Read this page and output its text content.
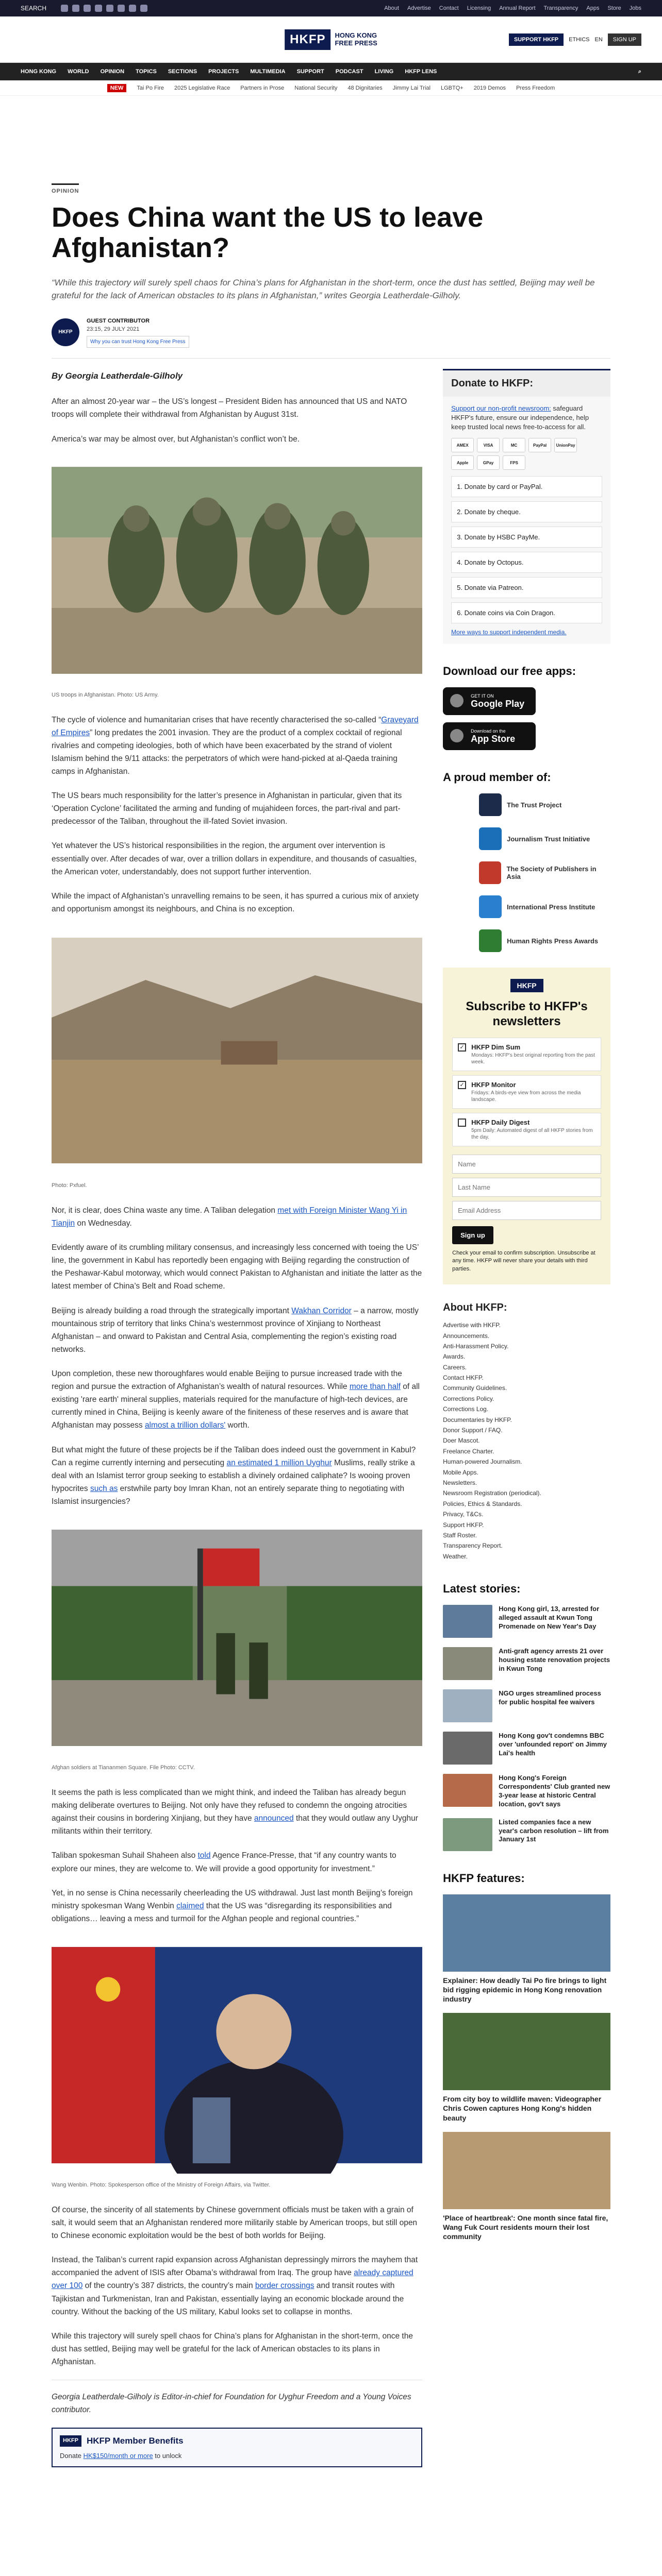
SEARCH	About Advertise Contact Licensing Annual Report Transparency Apps Store Jobs
HKFP	HONG KONG
FREE PRESS	SUPPORT HKFP	ETHICS EN	SIGN UP
HONG KONG WORLD OPINION TOPICS SECTIONS PROJECTS MULTIMEDIA SUPPORT PODCAST LIVING HKFP LENS	⌕
NEW	Tai Po Fire 2025 Legislative Race Partners in Prose National Security 48 Dignitaries Jimmy Lai Trial LGBTQ+ 2019 Demos Press Freedom
OPINION
Does China want the US to leave Afghanistan?
“While this trajectory will surely spell chaos for China’s plans for Afghanistan in the short-term, once the dust has settled, Beijing may well be grateful for the lack of American obstacles to its plans in Afghanistan,” writes Georgia Leatherdale-Gilholy.
HKFP
GUEST CONTRIBUTOR
23:15, 29 JULY 2021
Why you can trust Hong Kong Free Press
By Georgia Leatherdale-Gilholy

After an almost 20-year war – the US’s longest – President Biden has announced that US and NATO troops will complete their withdrawal from Afghanistan by August 31st.

America’s war may be almost over, but Afghanistan’s conflict won’t be.

US troops in Afghanistan. Photo: US Army.

The cycle of violence and humanitarian crises that have recently characterised the so-called “Graveyard of Empires” long predates the 2001 invasion. They are the product of a complex cocktail of regional rivalries and competing ideologies, both of which have been exacerbated by the strand of violent Islamism behind the 9/11 attacks: the perpetrators of which were hand-picked at al-Qaeda training camps in Afghanistan.

The US bears much responsibility for the latter’s presence in Afghanistan in particular, given that its ‘Operation Cyclone’ facilitated the arming and funding of mujahideen forces, the part-rival and part-predecessor of the Taliban, throughout the ill-fated Soviet invasion.

Yet whatever the US’s historical responsibilities in the region, the argument over intervention is essentially over. After decades of war, over a trillion dollars in expenditure, and thousands of casualties, the American voter, understandably, does not support further intervention.

While the impact of Afghanistan’s unravelling remains to be seen, it has spurred a curious mix of anxiety and opportunism amongst its neighbours, and China is no exception.

Photo: Pxfuel.

Nor, it is clear, does China waste any time. A Taliban delegation met with Foreign Minister Wang Yi in Tianjin on Wednesday.

Evidently aware of its crumbling military consensus, and increasingly less concerned with toeing the US’ line, the government in Kabul has reportedly been engaging with Beijing regarding the construction of the Peshawar-Kabul motorway, which would connect Pakistan to Afghanistan and initiate the latter as the latest member of China’s Belt and Road scheme.

Beijing is already building a road through the strategically important Wakhan Corridor – a narrow, mostly mountainous strip of territory that links China’s westernmost province of Xinjiang to Northeast Afghanistan – and onward to Pakistan and Central Asia, complementing the region’s existing road networks.

Upon completion, these new thoroughfares would enable Beijing to pursue increased trade with the region and pursue the extraction of Afghanistan’s wealth of natural resources. While more than half of all existing 'rare earth' mineral supplies, materials required for the manufacture of high-tech devices, are currently mined in China, Beijing is keenly aware of the finiteness of these reserves and is aware that Afghanistan may possess almost a trillion dollars' worth.

But what might the future of these projects be if the Taliban does indeed oust the government in Kabul? Can a regime currently interning and persecuting an estimated 1 million Uyghur Muslims, really strike a deal with an Islamist terror group seeking to establish a divinely ordained caliphate? Is wooing proven hypocrites such as erstwhile party boy Imran Khan, not an entirely separate thing to negotiating with Islamist insurgencies?

Afghan soldiers at Tiananmen Square. File Photo: CCTV.

It seems the path is less complicated than we might think, and indeed the Taliban has already begun making deliberate overtures to Beijing. Not only have they refused to condemn the ongoing atrocities against their cousins in bordering Xinjiang, but they have announced that they would outlaw any Uyghur militants within their territory.

Taliban spokesman Suhail Shaheen also told Agence France-Presse, that “if any country wants to explore our mines, they are welcome to. We will provide a good opportunity for investment.”

Yet, in no sense is China necessarily cheerleading the US withdrawal. Just last month Beijing’s foreign ministry spokesman Wang Wenbin claimed that the US was “disregarding its responsibilities and obligations… leaving a mess and turmoil for the Afghan people and regional countries.”

Wang Wenbin. Photo: Spokesperson office of the Ministry of Foreign Affairs, via Twitter.

Of course, the sincerity of all statements by Chinese government officials must be taken with a grain of salt, it would seem that an Afghanistan rendered more militarily stable by American troops, but still open to Chinese economic exploitation would be the best of both worlds for Beijing.

Instead, the Taliban’s current rapid expansion across Afghanistan depressingly mirrors the mayhem that accompanied the advent of ISIS after Obama’s withdrawal from Iraq. The group have already captured over 100 of the country’s 387 districts, the country’s main border crossings and transit routes with Tajikistan and Turkmenistan, Iran and Pakistan, essentially laying an economic blockade around the country. Without the backing of the US military, Kabul looks set to collapse in months.

While this trajectory will surely spell chaos for China’s plans for Afghanistan in the short-term, once the dust has settled, Beijing may well be grateful for the lack of American obstacles to its plans in Afghanistan.

Georgia Leatherdale-Gilholy is Editor-in-chief for Foundation for Uyghur Freedom and a Young Voices contributor.

HKFP HKFP Member Benefits
Donate HK$150/month or more to unlock
Donate to HKFP:
Support our non-profit newsroom: safeguard HKFP's future, ensure our independence, help keep trusted local news free-to-access for all.
AMEX	VISA	MC	PayPal	UnionPay
Apple	GPay	FPS
1. Donate by card or PayPal.
2. Donate by cheque.
3. Donate by HSBC PayMe.
4. Donate by Octopus.
5. Donate via Patreon.
6. Donate coins via Coin Dragon.
More ways to support independent media.
Download our free apps:
GET IT ON
Google Play
Download on the
App Store
A proud member of:
The Trust Project
Journalism Trust Initiative
The Society of Publishers in Asia
International Press Institute
Human Rights Press Awards
HKFP
Subscribe to HKFP's newsletters
✓ HKFP Dim Sum
Mondays: HKFP's best original reporting from the past week.
✓ HKFP Monitor
Fridays: A birds-eye view from across the media landscape.
HKFP Daily Digest
5pm Daily: Automated digest of all HKFP stories from the day.
Name Last Name Email Address Sign up
Check your email to confirm subscription. Unsubscribe at any time. HKFP will never share your details with third parties.
About HKFP:
Advertise with HKFP.
Announcements.
Anti-Harassment Policy.
Awards.
Careers.
Contact HKFP.
Community Guidelines.
Corrections Policy.
Corrections Log.
Documentaries by HKFP.
Donor Support / FAQ.
Doer Mascot.
Freelance Charter.
Human-powered Journalism.
Mobile Apps.
Newsletters.
Newsroom Registration (periodical).
Policies, Ethics & Standards.
Privacy, T&Cs.
Support HKFP.
Staff Roster.
Transparency Report.
Weather.
Latest stories:
Hong Kong girl, 13, arrested for alleged assault at Kwun Tong Promenade on New Year's Day
Anti-graft agency arrests 21 over housing estate renovation projects in Kwun Tong
NGO urges streamlined process for public hospital fee waivers
Hong Kong gov't condemns BBC over 'unfounded report' on Jimmy Lai's health
Hong Kong's Foreign Correspondents' Club granted new 3-year lease at historic Central location, gov't says
Listed companies face a new year's carbon resolution – lift from January 1st
HKFP features:
Explainer: How deadly Tai Po fire brings to light bid rigging epidemic in Hong Kong renovation industry
From city boy to wildlife maven: Videographer Chris Cowen captures Hong Kong's hidden beauty
'Place of heartbreak': One month since fatal fire, Wang Fuk Court residents mourn their lost community
